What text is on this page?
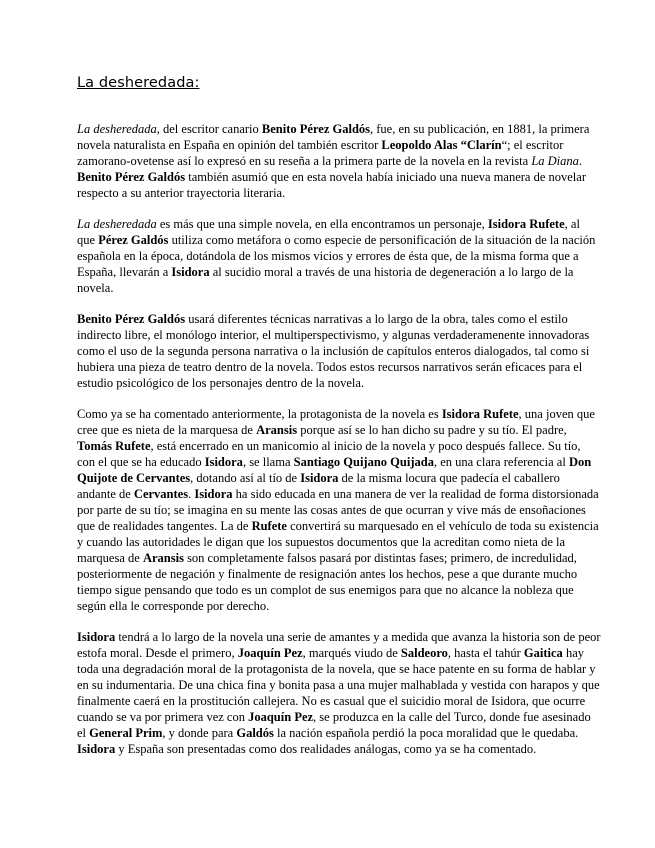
La desheredada:

La desheredada, del escritor canario Benito Pérez Galdós, fue, en su publicación, en 1881, la primera novela naturalista en España en opinión del también escritor Leopoldo Alas “Clarín“; el escritor zamorano-ovetense así lo expresó en su reseña a la primera parte de la novela en la revista La Diana. Benito Pérez Galdós también asumió que en esta novela había iniciado una nueva manera de novelar respecto a su anterior trayectoria literaria.

La desheredada es más que una simple novela, en ella encontramos un personaje, Isidora Rufete, al que Pérez Galdós utiliza como metáfora o como especie de personificación de la situación de la nación española en la época, dotándola de los mismos vicios y errores de ésta que, de la misma forma que a España, llevarán a Isidora al sucidio moral a través de una historia de degeneración a lo largo de la novela.

Benito Pérez Galdós usará diferentes técnicas narrativas a lo largo de la obra, tales como el estilo indirecto libre, el monólogo interior, el multiperspectivismo, y algunas verdaderamenente innovadoras como el uso de la segunda persona narrativa o la inclusión de capítulos enteros dialogados, tal como si hubiera una pieza de teatro dentro de la novela. Todos estos recursos narrativos serán eficaces para el estudio psicológico de los personajes dentro de la novela.

Como ya se ha comentado anteriormente, la protagonista de la novela es Isidora Rufete, una joven que cree que es nieta de la marquesa de Aransis porque así se lo han dicho su padre y su tío. El padre, Tomás Rufete, está encerrado en un manicomio al inicio de la novela y poco después fallece. Su tío, con el que se ha educado Isidora, se llama Santiago Quijano Quijada, en una clara referencia al Don Quijote de Cervantes, dotando así al tío de Isidora de la misma locura que padecía el caballero andante de Cervantes. Isidora ha sido educada en una manera de ver la realidad de forma distorsionada por parte de su tío; se imagina en su mente las cosas antes de que ocurran y vive más de ensoñaciones que de realidades tangentes. La de Rufete convertirá su marquesado en el vehículo de toda su existencia y cuando las autoridades le digan que los supuestos documentos que la acreditan como nieta de la marquesa de Aransis son completamente falsos pasará por distintas fases; primero, de incredulidad, posteriormente de negación y finalmente de resignación antes los hechos, pese a que durante mucho tiempo sigue pensando que todo es un complot de sus enemigos para que no alcance la nobleza que según ella le corresponde por derecho.

Isidora tendrá a lo largo de la novela una serie de amantes y a medida que avanza la historia son de peor estofa moral. Desde el primero, Joaquín Pez, marqués viudo de Saldeoro, hasta el tahúr Gaitica hay toda una degradación moral de la protagonista de la novela, que se hace patente en su forma de hablar y en su indumentaria. De una chica fina y bonita pasa a una mujer malhablada y vestida con harapos y que finalmente caerá en la prostitución callejera. No es casual que el suicidio moral de Isidora, que ocurre cuando se va por primera vez con Joaquín Pez, se produzca en la calle del Turco, donde fue asesinado el General Prim, y donde para Galdós la nación española perdió la poca moralidad que le quedaba. Isidora y España son presentadas como dos realidades análogas, como ya se ha comentado.
